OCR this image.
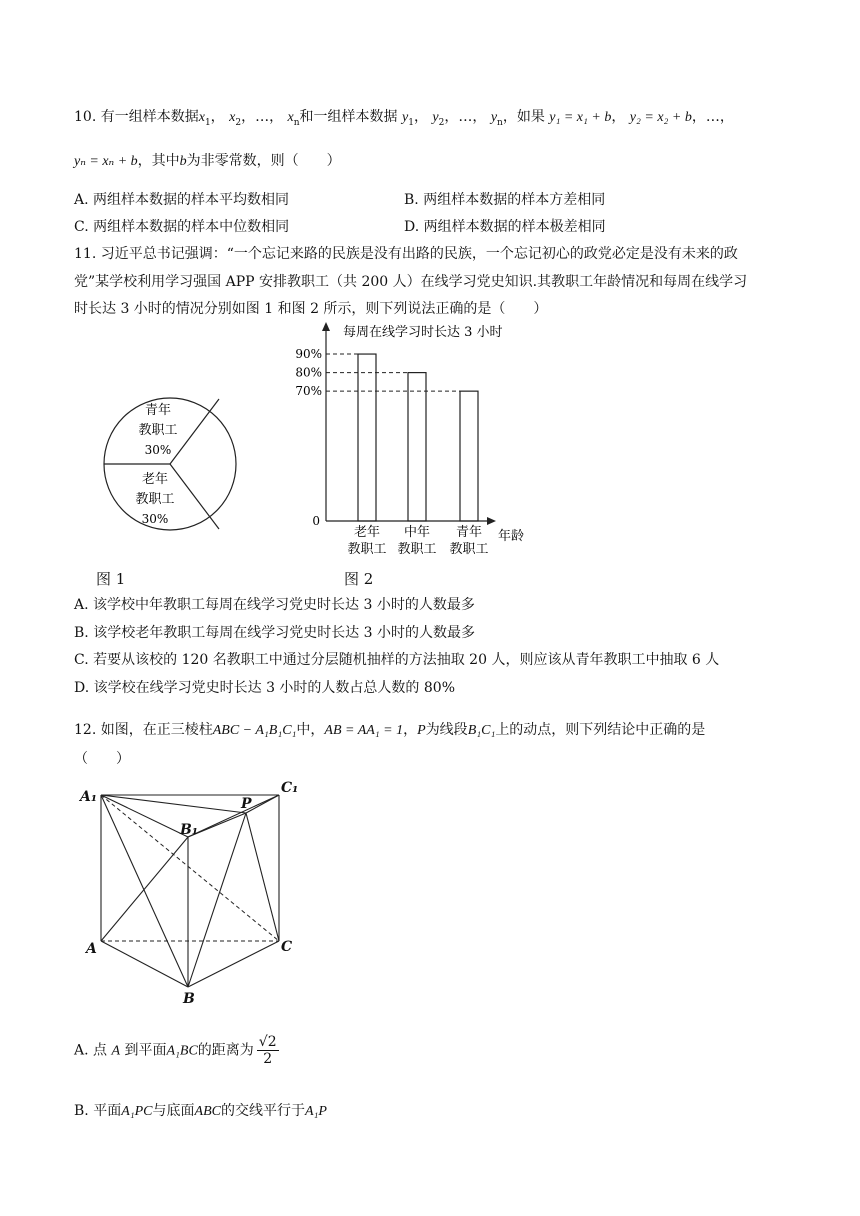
10. 有一组样本数据$x_1$， $x_2$，…， $x_n$和一组样本数据 $y_1$， $y_2$，…， $y_n$，如果 y₁ = x₁ + b， y₂ = x₂ + b，…，
yₙ = xₙ + b，其中b为非零常数，则（　　）
A. 两组样本数据的样本平均数相同	B. 两组样本数据的样本方差相同
C. 两组样本数据的样本中位数相同	D. 两组样本数据的样本极差相同
11. 习近平总书记强调：“一个忘记来路的民族是没有出路的民族，一个忘记初心的政党必定是没有未来的政
党”某学校利用学习强国 APP 安排教职工（共 200 人）在线学习党史知识.其教职工年龄情况和每周在线学习
时长达 3 小时的情况分别如图 1 和图 2 所示，则下列说法正确的是（　　）
青年
教职工
30%
老年
教职工
30%
图 1
每周在线学习时长达 3 小时
年龄
0
90%
老年
教职工
80%
中年
教职工
70%
青年
教职工
图 2
A. 该学校中年教职工每周在线学习党史时长达 3 小时的人数最多
B. 该学校老年教职工每周在线学习党史时长达 3 小时的人数最多
C. 若要从该校的 120 名教职工中通过分层随机抽样的方法抽取 20 人，则应该从青年教职工中抽取 6 人
D. 该学校在线学习党史时长达 3 小时的人数占总人数的 80%
12. 如图，在正三棱柱ABC − A₁B₁C₁中，AB = AA₁ = 1，P为线段B₁C₁上的动点，则下列结论中正确的是
（　　）
A₁
C₁
P
B₁
A	C
B
A. 点 A 到平面A₁BC的距离为 $\frac{√2}{2}$
B. 平面A₁PC与底面ABC的交线平行于A₁P
